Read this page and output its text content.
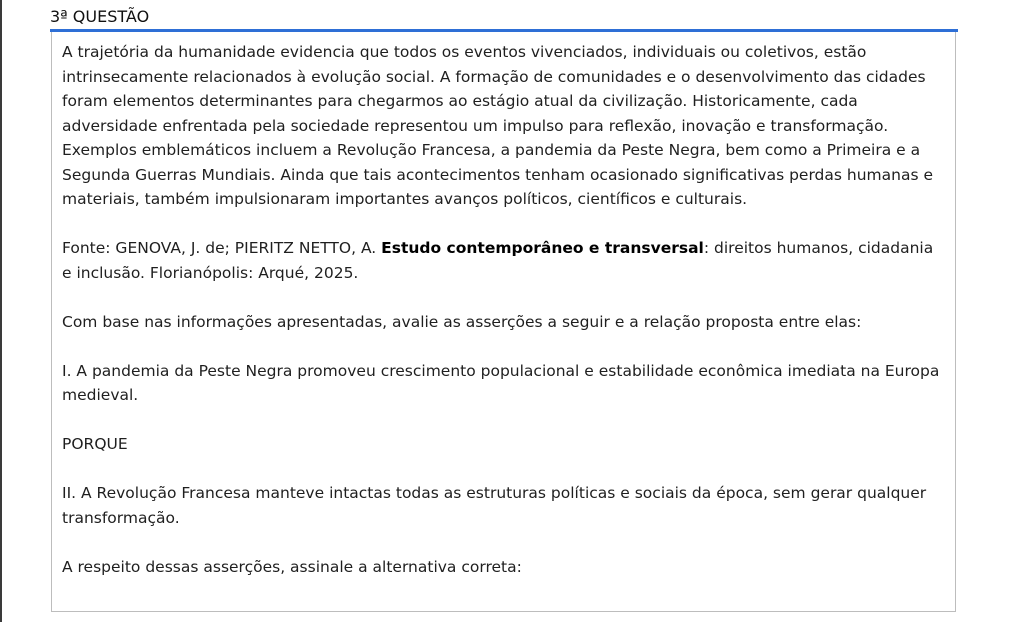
3ª QUESTÃO

A trajetória da humanidade evidencia que todos os eventos vivenciados, individuais ou coletivos, estão intrinsecamente relacionados à evolução social. A formação de comunidades e o desenvolvimento das cidades foram elementos determinantes para chegarmos ao estágio atual da civilização. Historicamente, cada adversidade enfrentada pela sociedade representou um impulso para reflexão, inovação e transformação. Exemplos emblemáticos incluem a Revolução Francesa, a pandemia da Peste Negra, bem como a Primeira e a Segunda Guerras Mundiais. Ainda que tais acontecimentos tenham ocasionado significativas perdas humanas e materiais, também impulsionaram importantes avanços políticos, científicos e culturais.

Fonte: GENOVA, J. de; PIERITZ NETTO, A. Estudo contemporâneo e transversal: direitos humanos, cidadania e inclusão. Florianópolis: Arqué, 2025.

Com base nas informações apresentadas, avalie as asserções a seguir e a relação proposta entre elas:

I. A pandemia da Peste Negra promoveu crescimento populacional e estabilidade econômica imediata na Europa medieval.

PORQUE

II. A Revolução Francesa manteve intactas todas as estruturas políticas e sociais da época, sem gerar qualquer transformação.

A respeito dessas asserções, assinale a alternativa correta:
